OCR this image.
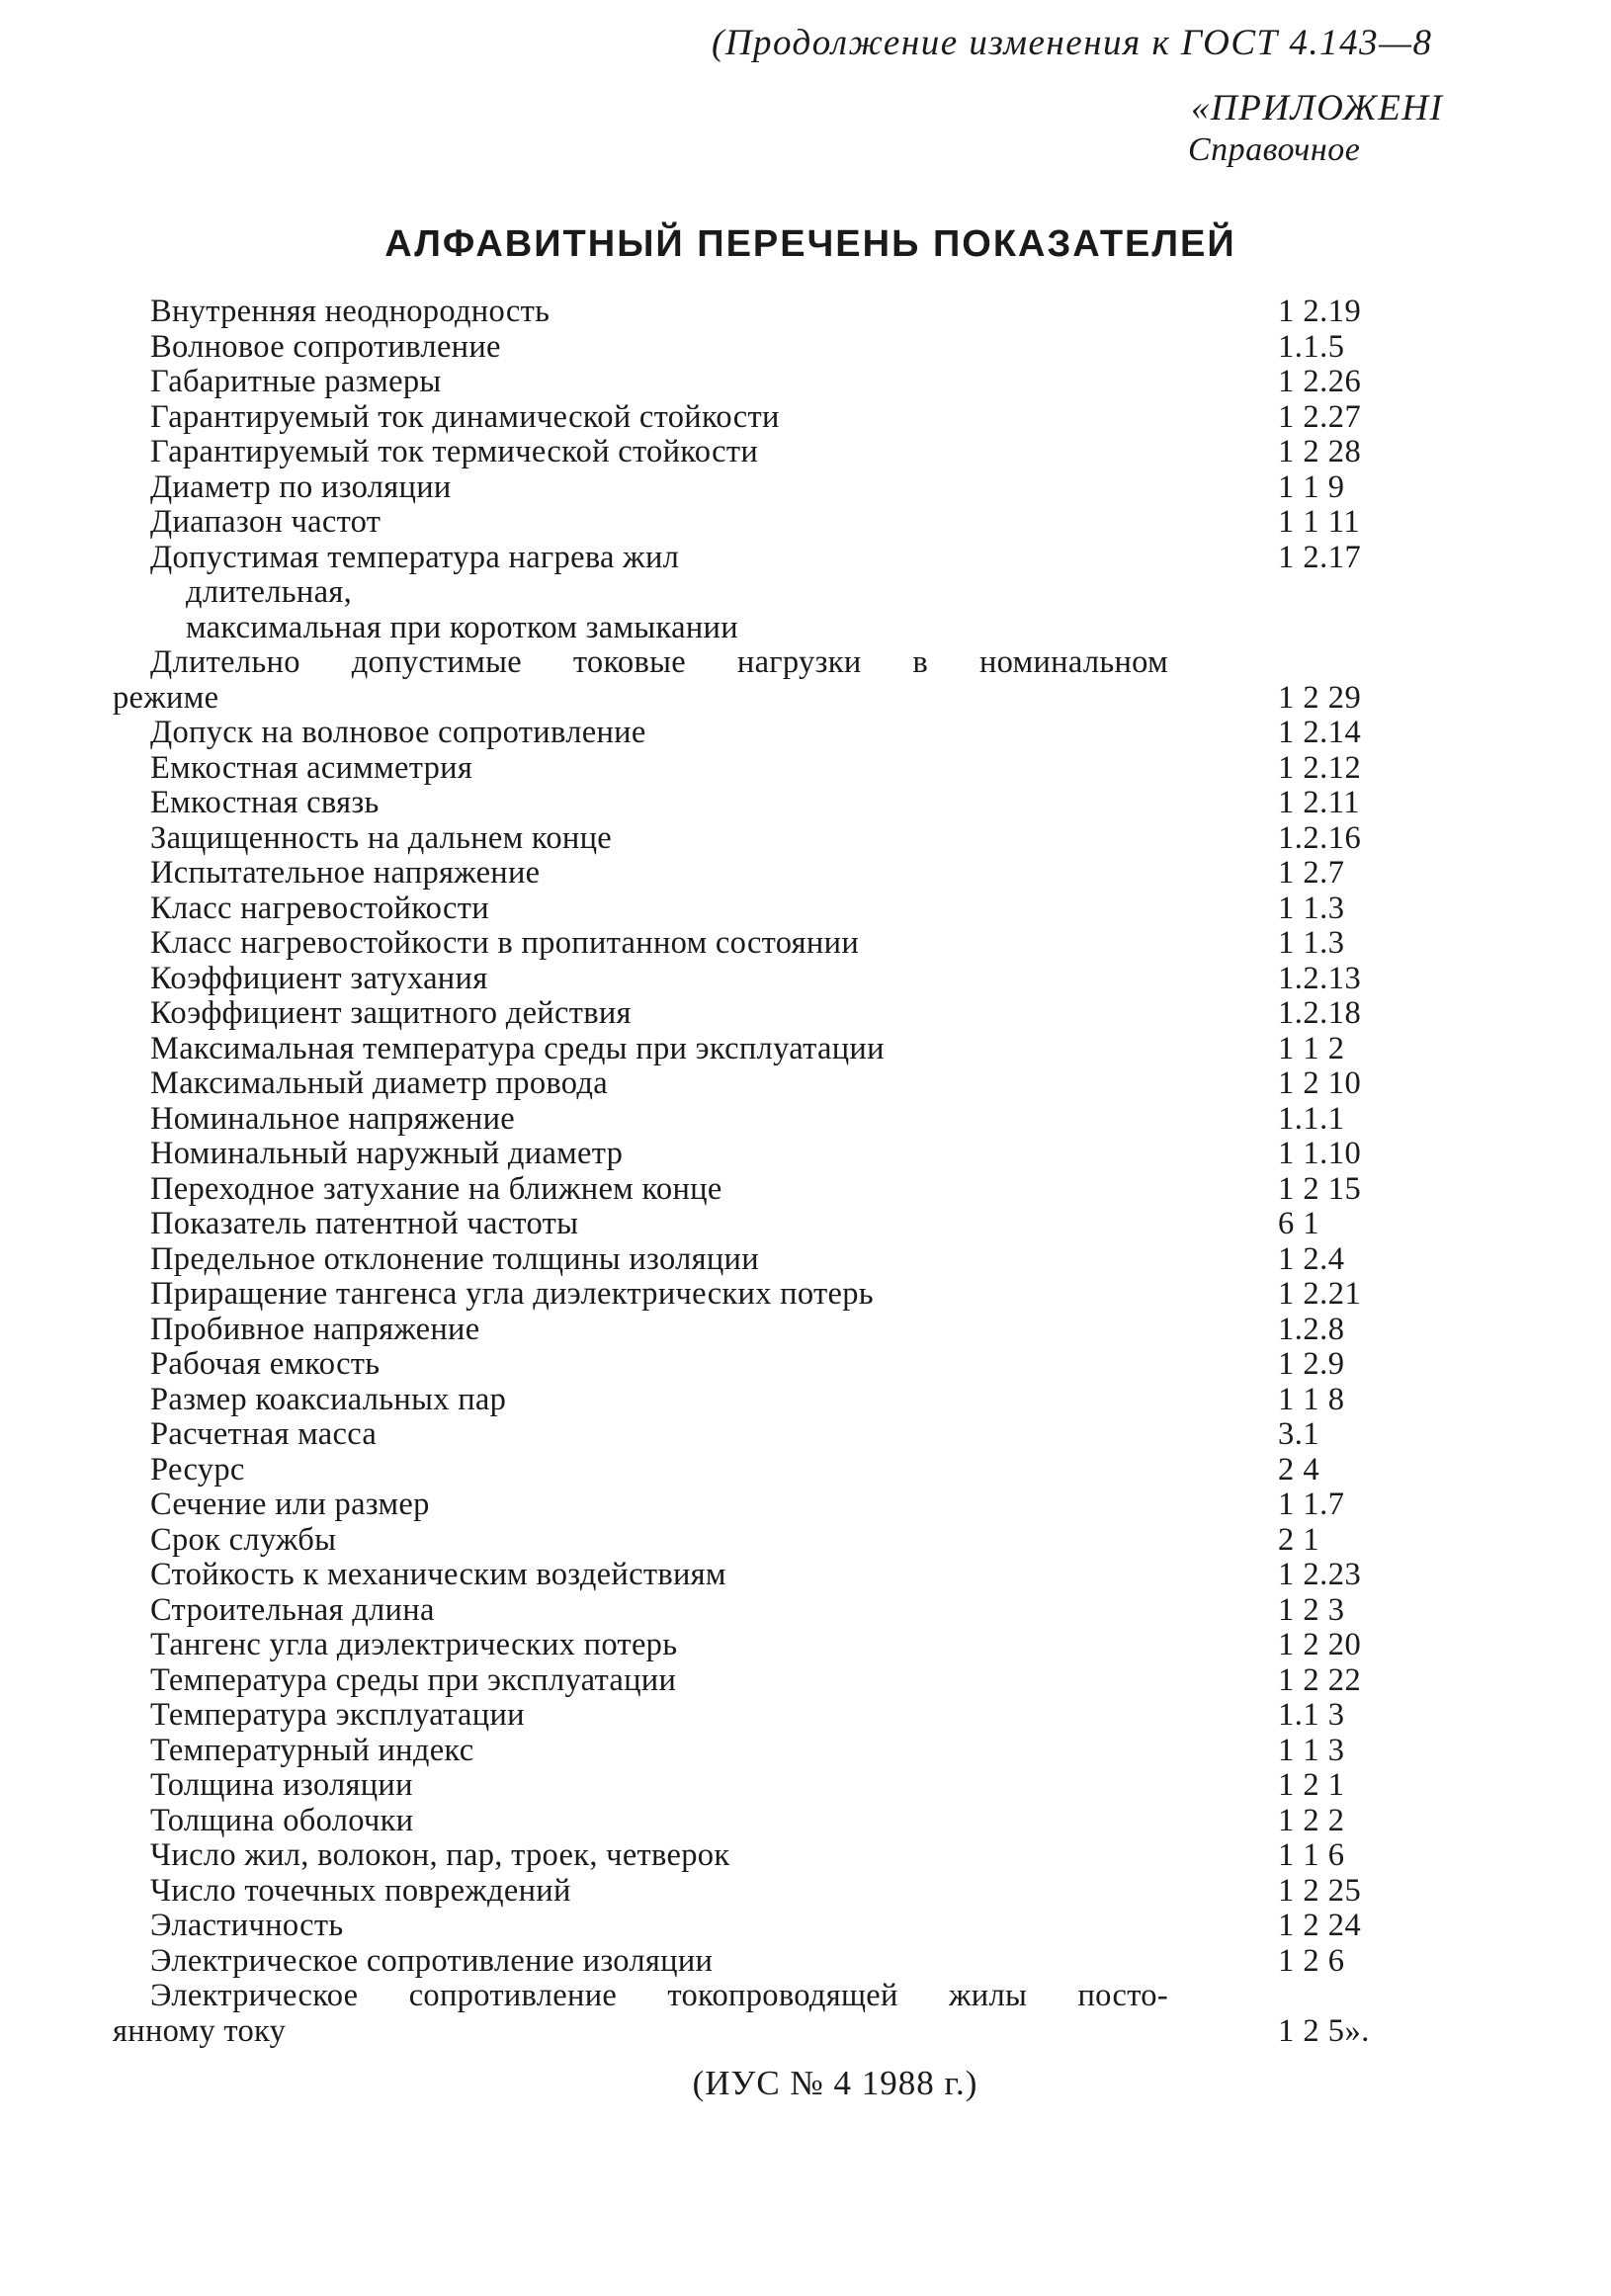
(Продолжение изменения к ГОСТ 4.143—8
«ПРИЛОЖЕНІ
Справочное
АЛФАВИТНЫЙ ПЕРЕЧЕНЬ ПОКАЗАТЕЛЕЙ
Внутренняя неоднородность	1 2.19
Волновое сопротивление	1.1.5
Габаритные размеры	1 2.26
Гарантируемый ток динамической стойкости	1 2.27
Гарантируемый ток термической стойкости	1 2 28
Диаметр по изоляции	1 1 9
Диапазон частот	1 1 11
Допустимая температура нагрева жил	1 2.17
длительная,
максимальная при коротком замыкании
Длительно допустимые токовые нагрузки в номинальном
режиме	1 2 29
Допуск на волновое сопротивление	1 2.14
Емкостная асимметрия	1 2.12
Емкостная связь	1 2.11
Защищенность на дальнем конце	1.2.16
Испытательное напряжение	1 2.7
Класс нагревостойкости	1 1.3
Класс нагревостойкости в пропитанном состоянии	1 1.3
Коэффициент затухания	1.2.13
Коэффициент защитного действия	1.2.18
Максимальная температура среды при эксплуатации	1 1 2
Максимальный диаметр провода	1 2 10
Номинальное напряжение	1.1.1
Номинальный наружный диаметр	1 1.10
Переходное затухание на ближнем конце	1 2 15
Показатель патентной частоты	6 1
Предельное отклонение толщины изоляции	1 2.4
Приращение тангенса угла диэлектрических потерь	1 2.21
Пробивное напряжение	1.2.8
Рабочая емкость	1 2.9
Размер коаксиальных пар	1 1 8
Расчетная масса	3.1
Ресурс	2 4
Сечение или размер	1 1.7
Срок службы	2 1
Стойкость к механическим воздействиям	1 2.23
Строительная длина	1 2 3
Тангенс угла диэлектрических потерь	1 2 20
Температура среды при эксплуатации	1 2 22
Температура эксплуатации	1.1 3
Температурный индекс	1 1 3
Толщина изоляции	1 2 1
Толщина оболочки	1 2 2
Число жил, волокон, пар, троек, четверок	1 1 6
Число точечных повреждений	1 2 25
Эластичность	1 2 24
Электрическое сопротивление изоляции	1 2 6
Электрическое сопротивление токопроводящей жилы посто-
янному току	1 2 5».
(ИУС № 4 1988 г.)
